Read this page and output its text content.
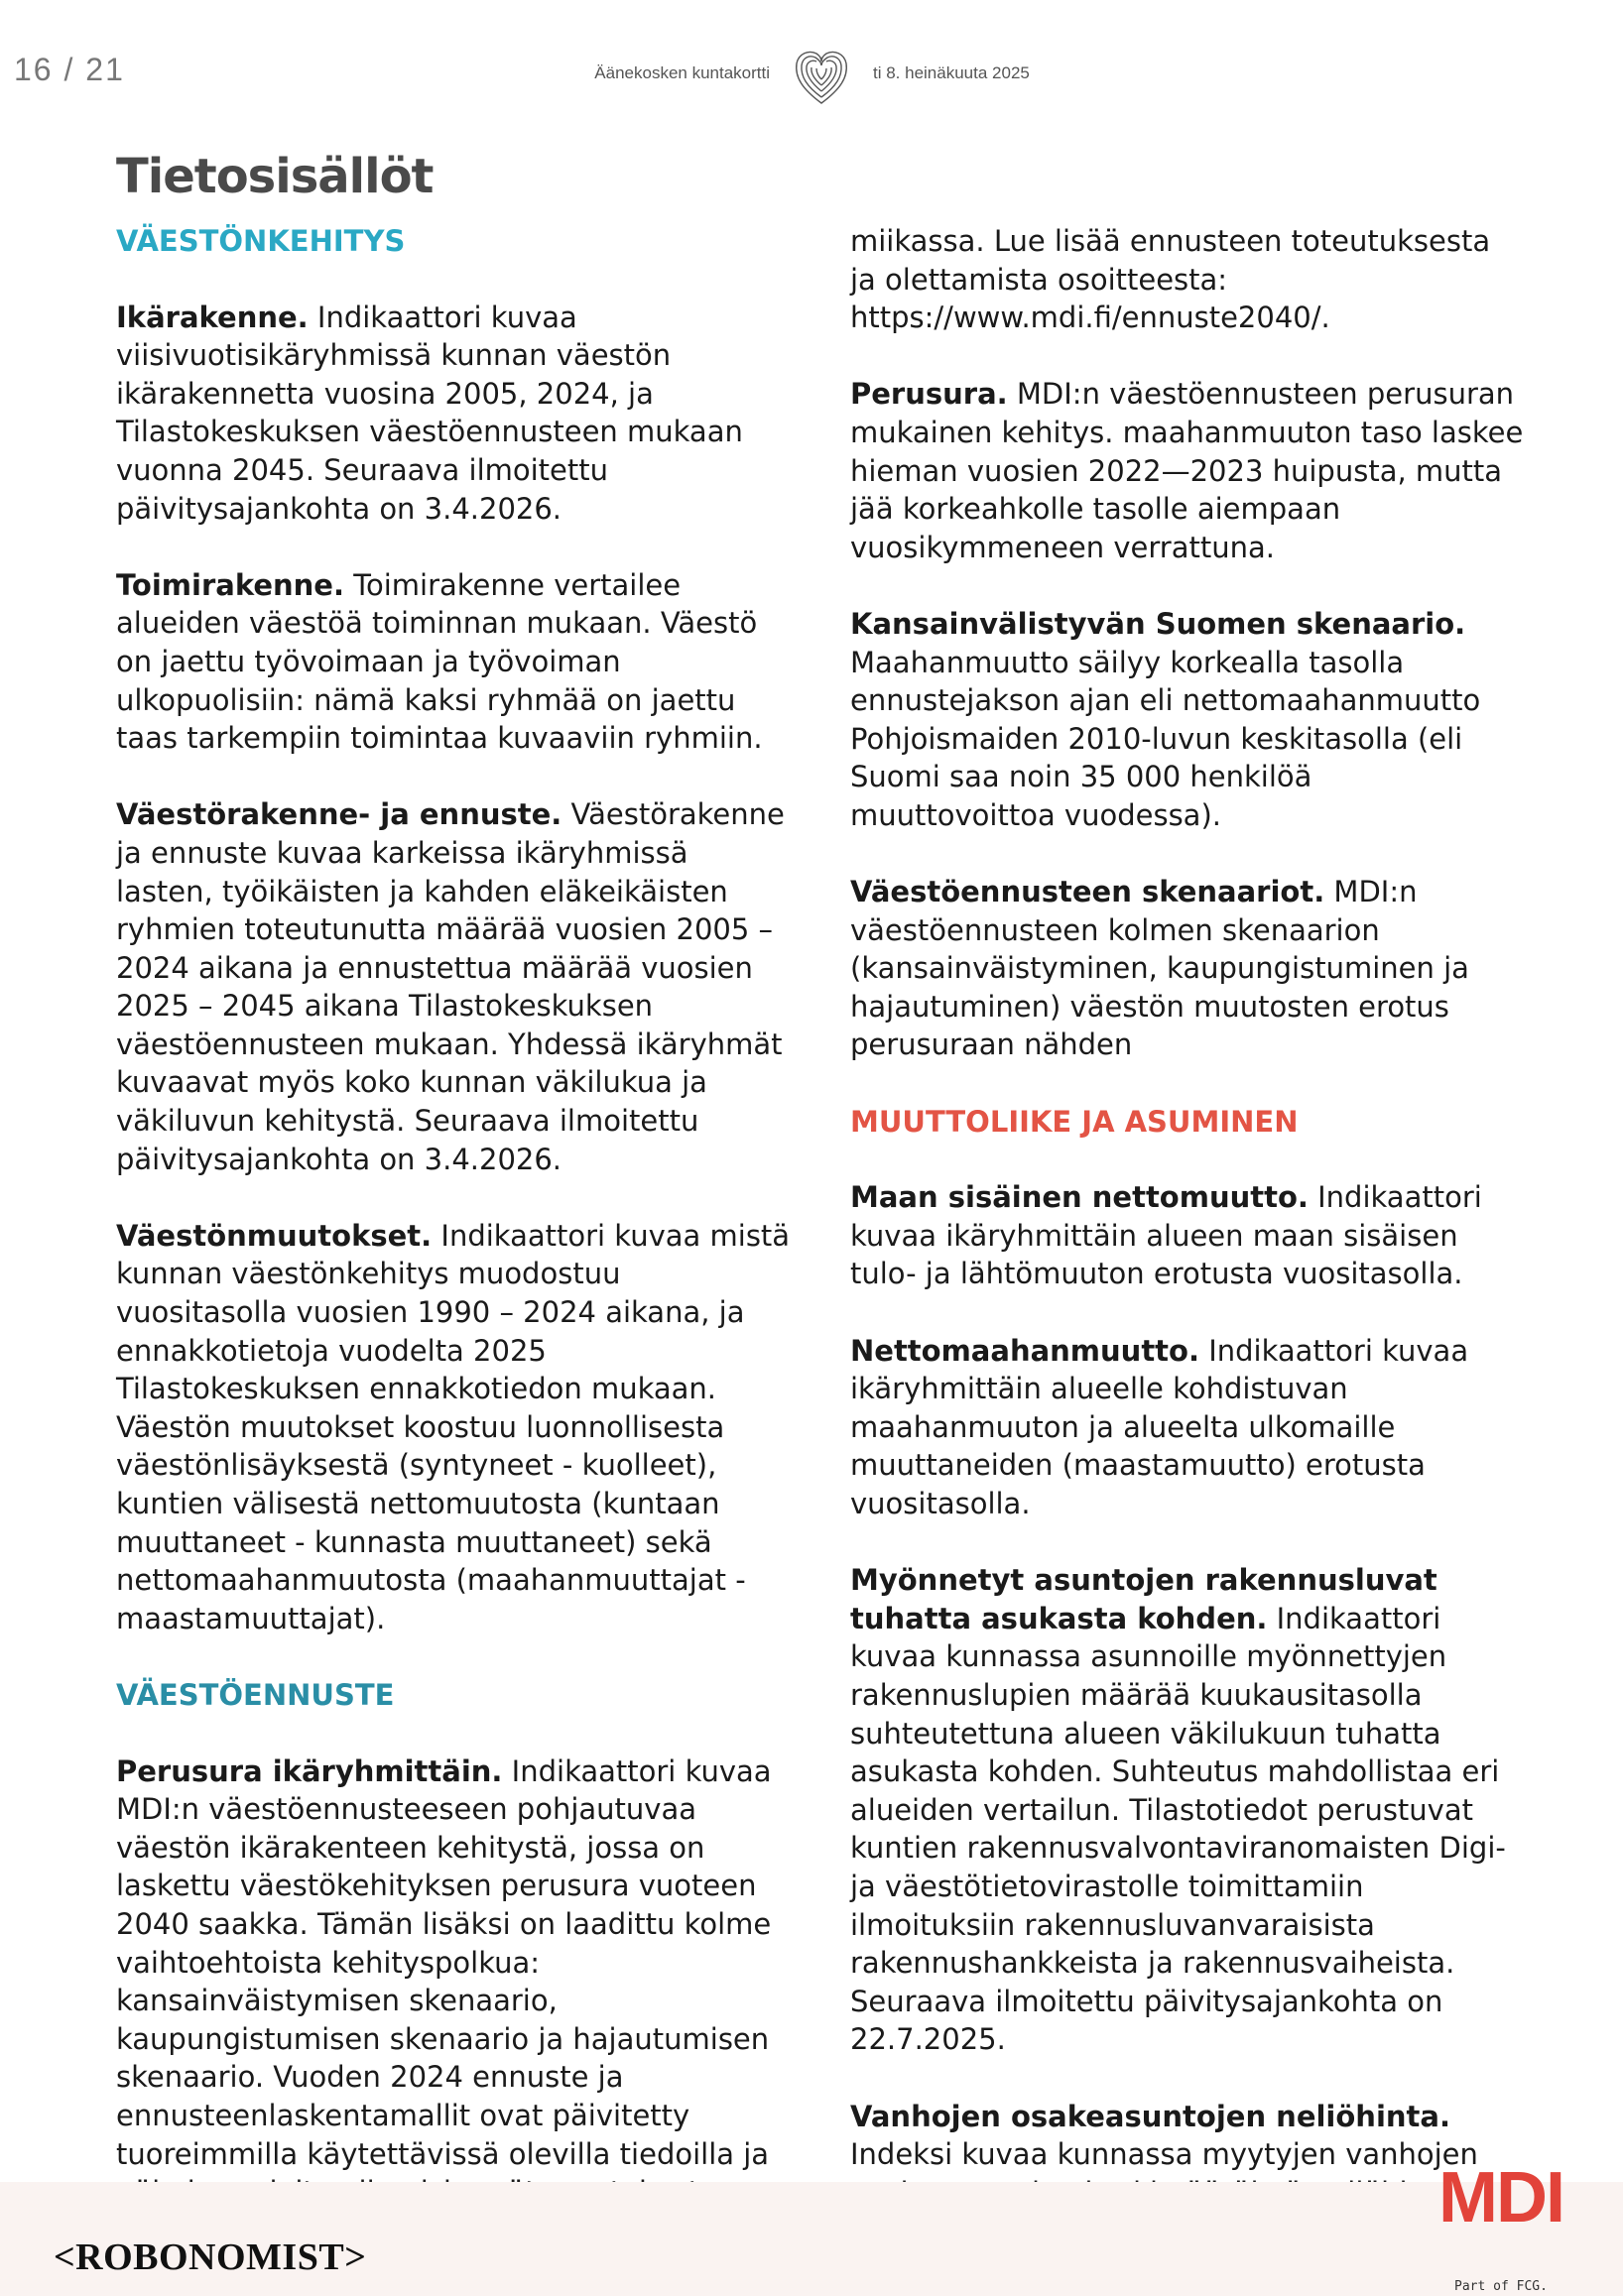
16 / 21	Äänekosken kuntakortti	ti 8. heinäkuuta 2025
Tietosisällöt
VÄESTÖNKEHITYS

Ikärakenne. Indikaattori kuvaa viisivuotisikäryhmissä kunnan väestön ikärakennetta vuosina 2005, 2024, ja Tilastokeskuksen väestöennusteen mukaan vuonna 2045. Seuraava ilmoitettu päivitysajankohta on 3.4.2026.

Toimirakenne. Toimirakenne vertailee alueiden väestöä toiminnan mukaan. Väestö on jaettu työvoimaan ja työvoiman ulkopuolisiin: nämä kaksi ryhmää on jaettu taas tarkempiin toimintaa kuvaaviin ryhmiin.

Väestörakenne- ja ennuste. Väestörakenne ja ennuste kuvaa karkeissa ikäryhmissä lasten, työikäisten ja kahden eläkeikäisten ryhmien toteutunutta määrää vuosien 2005 – 2024 aikana ja ennustettua määrää vuosien 2025 – 2045 aikana Tilastokeskuksen väestöennusteen mukaan. Yhdessä ikäryhmät kuvaavat myös koko kunnan väkilukua ja väkiluvun kehitystä. Seuraava ilmoitettu päivitysajankohta on 3.4.2026.

Väestönmuutokset. Indikaattori kuvaa mistä kunnan väestönkehitys muodostuu vuositasolla vuosien 1990 – 2024 aikana, ja ennakkotietoja vuodelta 2025 Tilastokeskuksen ennakkotiedon mukaan. Väestön muutokset koostuu luonnollisesta väestönlisäyksestä (syntyneet - kuolleet), kuntien välisestä nettomuutosta (kuntaan muuttaneet - kunnasta muuttaneet) sekä nettomaahanmuutosta (maahanmuuttajat - maastamuuttajat).

VÄESTÖENNUSTE

Perusura ikäryhmittäin. Indikaattori kuvaa MDI:n väestöennusteeseen pohjautuvaa väestön ikärakenteen kehitystä, jossa on laskettu väestökehityksen perusura vuoteen 2040 saakka. Tämän lisäksi on laadittu kolme vaihtoehtoista kehityspolkua: kansainväistymisen skenaario, kaupungistumisen skenaario ja hajautumisen skenaario. Vuoden 2024 ennuste ja ennusteenlaskentamallit ovat päivitetty tuoreimmilla käytettävissä olevilla tiedoilla ja

miikassa. Lue lisää ennusteen toteutuksesta ja olettamista osoitteesta: https://www.mdi.fi/ennuste2040/.

Perusura. MDI:n väestöennusteen perusuran mukainen kehitys. maahanmuuton taso laskee hieman vuosien 2022—2023 huipusta, mutta jää korkeahkolle tasolle aiempaan vuosikymmeneen verrattuna.

Kansainvälistyvän Suomen skenaario. Maahanmuutto säilyy korkealla tasolla ennustejakson ajan eli nettomaahanmuutto Pohjoismaiden 2010-luvun keskitasolla (eli Suomi saa noin 35 000 henkilöä muuttovoittoa vuodessa).

Väestöennusteen skenaariot. MDI:n väestöennusteen kolmen skenaarion (kansainväistyminen, kaupungistuminen ja hajautuminen) väestön muutosten erotus perusuraan nähden

MUUTTOLIIKE JA ASUMINEN

Maan sisäinen nettomuutto. Indikaattori kuvaa ikäryhmittäin alueen maan sisäisen tulo- ja lähtömuuton erotusta vuositasolla.

Nettomaahanmuutto. Indikaattori kuvaa ikäryhmittäin alueelle kohdistuvan maahanmuuton ja alueelta ulkomaille muuttaneiden (maastamuutto) erotusta vuositasolla.

Myönnetyt asuntojen rakennusluvat tuhatta asukasta kohden. Indikaattori kuvaa kunnassa asunnoille myönnettyjen rakennuslupien määrää kuukausitasolla suhteutettuna alueen väkilukuun tuhatta asukasta kohden. Suhteutus mahdollistaa eri alueiden vertailun. Tilastotiedot perustuvat kuntien rakennusvalvontaviranomaisten Digi- ja väestötietovirastolle toimittamiin ilmoituksiin rakennusluvanvaraisista rakennushankkeista ja rakennusvaiheista. Seuraava ilmoitettu päivitysajankohta on 22.7.2025.

Vanhojen osakeasuntojen neliöhinta. Indeksi kuvaa kunnassa myytyjen vanhojen

<ROBONOMIST>
MDI
Part of FCG.
